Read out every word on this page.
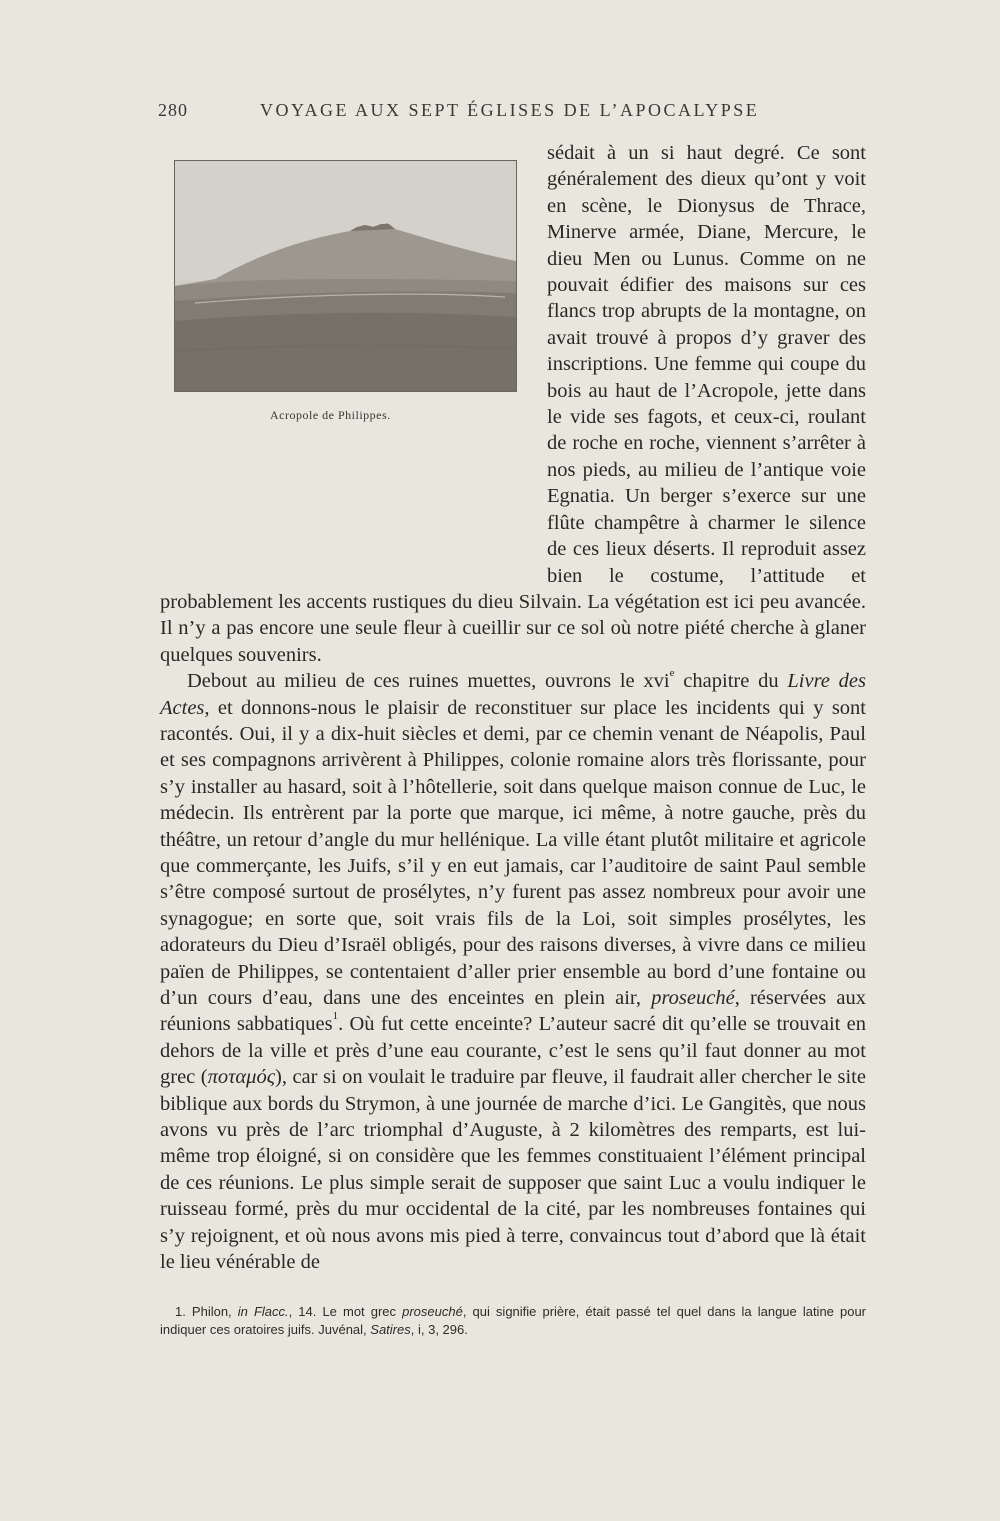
280	VOYAGE AUX SEPT ÉGLISES DE L’APOCALYPSE
Acropole de Philippes.

sédait à un si haut degré. Ce sont généralement des dieux qu’ont y voit en scène, le Dionysus de Thrace, Minerve armée, Diane, Mercure, le dieu Men ou Lunus. Comme on ne pouvait édifier des maisons sur ces flancs trop abrupts de la montagne, on avait trouvé à propos d’y graver des inscriptions. Une femme qui coupe du bois au haut de l’Acropole, jette dans le vide ses fagots, et ceux-ci, roulant de roche en roche, viennent s’arrêter à nos pieds, au milieu de l’antique voie Egnatia. Un berger s’exerce sur une flûte champêtre à charmer le silence de ces lieux déserts. Il reproduit assez bien le costume, l’attitude et probablement les accents rustiques du dieu Silvain. La végétation est ici peu avancée. Il n’y a pas encore une seule fleur à cueillir sur ce sol où notre piété cherche à glaner quelques souvenirs.

Debout au milieu de ces ruines muettes, ouvrons le xvi$^e$ chapitre du Livre des Actes, et donnons-nous le plaisir de reconstituer sur place les incidents qui y sont racontés. Oui, il y a dix-huit siècles et demi, par ce chemin venant de Néapolis, Paul et ses compagnons arrivèrent à Philippes, colonie romaine alors très florissante, pour s’y installer au hasard, soit à l’hôtellerie, soit dans quelque maison connue de Luc, le médecin. Ils entrèrent par la porte que marque, ici même, à notre gauche, près du théâtre, un retour d’angle du mur hellénique. La ville étant plutôt militaire et agricole que commerçante, les Juifs, s’il y en eut jamais, car l’auditoire de saint Paul semble s’être composé surtout de prosélytes, n’y furent pas assez nombreux pour avoir une synagogue; en sorte que, soit vrais fils de la Loi, soit simples prosélytes, les adorateurs du Dieu d’Israël obligés, pour des raisons diverses, à vivre dans ce milieu païen de Philippes, se contentaient d’aller prier ensemble au bord d’une fontaine ou d’un cours d’eau, dans une des enceintes en plein air, proseuché, réservées aux réunions sabbatiques$^1$. Où fut cette enceinte? L’auteur sacré dit qu’elle se trouvait en dehors de la ville et près d’une eau courante, c’est le sens qu’il faut donner au mot grec (ποταμός), car si on voulait le traduire par fleuve, il faudrait aller chercher le site biblique aux bords du Strymon, à une journée de marche d’ici. Le Gangitès, que nous avons vu près de l’arc triomphal d’Auguste, à 2 kilomètres des remparts, est lui-même trop éloigné, si on considère que les femmes constituaient l’élément principal de ces réunions. Le plus simple serait de supposer que saint Luc a voulu indiquer le ruisseau formé, près du mur occidental de la cité, par les nombreuses fontaines qui s’y rejoignent, et où nous avons mis pied à terre, convaincus tout d’abord que là était le lieu vénérable de

1. Philon, in Flacc., 14. Le mot grec proseuché, qui signifie prière, était passé tel quel dans la langue latine pour indiquer ces oratoires juifs. Juvénal, Satires, i, 3, 296.
